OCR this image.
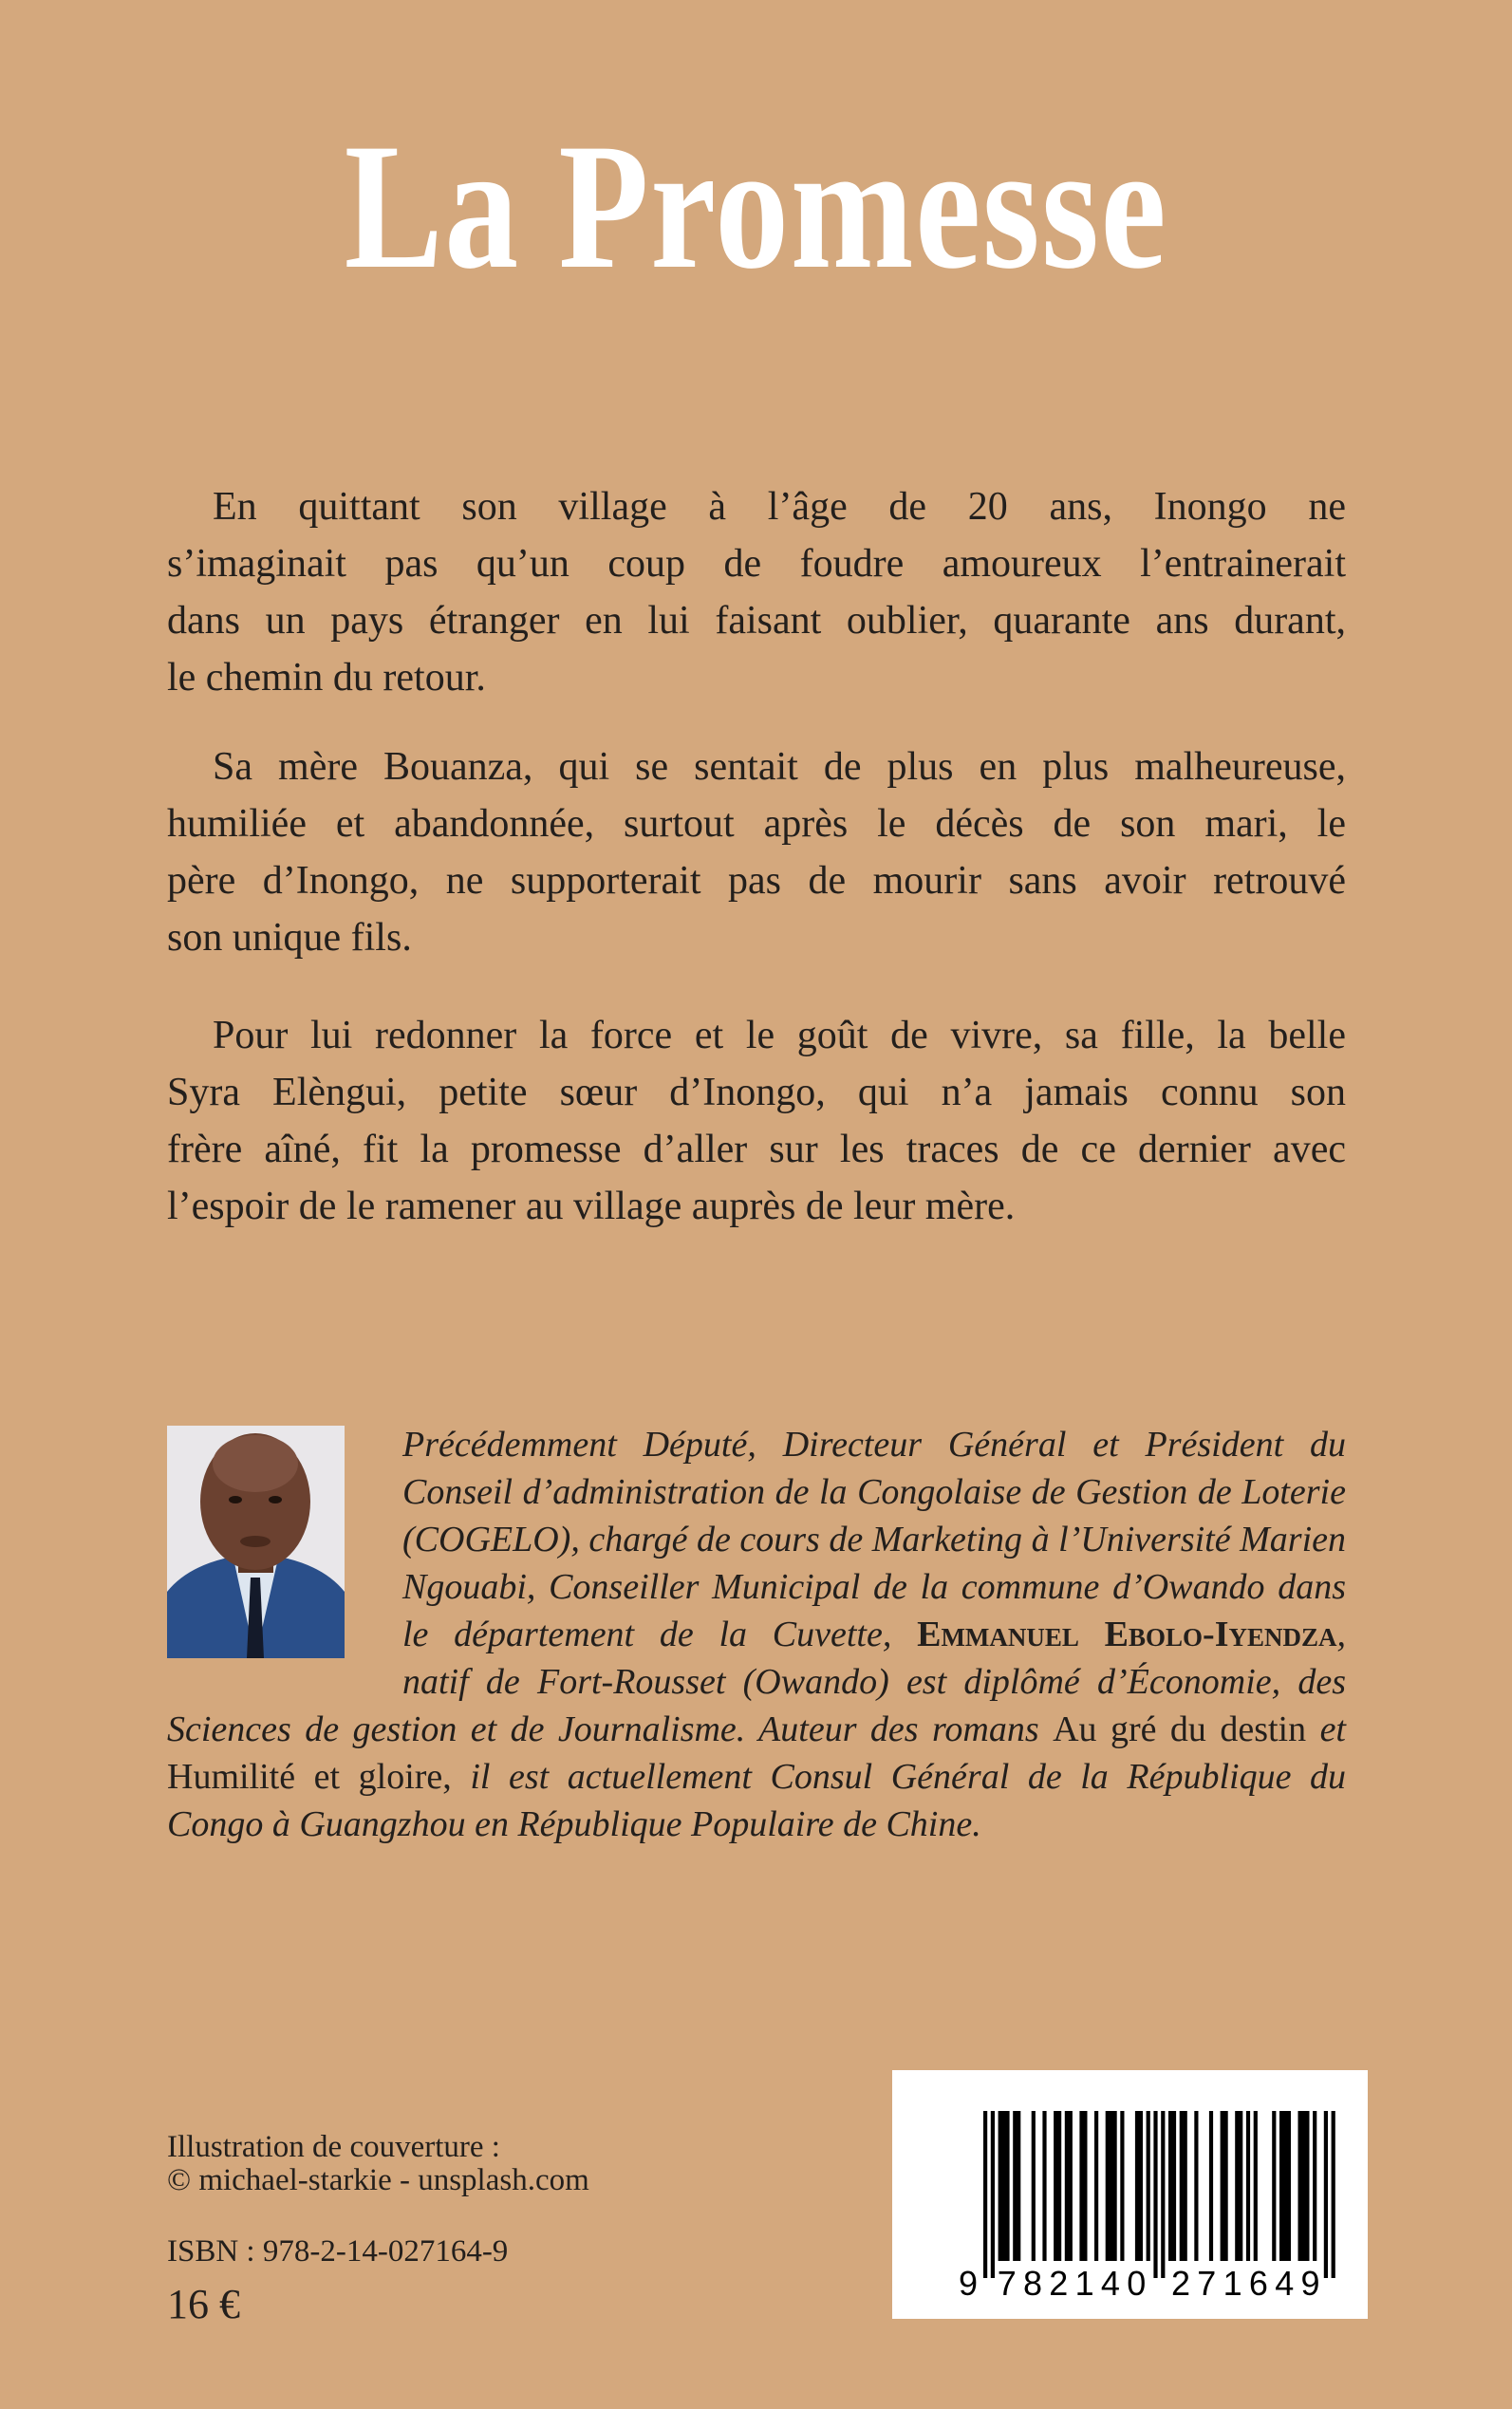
La Promesse
En quittant son village à l’âge de 20 ans, Inongo ne
s’imaginait pas qu’un coup de foudre amoureux l’entrainerait
dans un pays étranger en lui faisant oublier, quarante ans durant,
le chemin du retour.
Sa mère Bouanza, qui se sentait de plus en plus malheureuse,
humiliée et abandonnée, surtout après le décès de son mari, le
père d’Inongo, ne supporterait pas de mourir sans avoir retrouvé
son unique fils.
Pour lui redonner la force et le goût de vivre, sa fille, la belle
Syra Elèngui, petite sœur d’Inongo, qui n’a jamais connu son
frère aîné, fit la promesse d’aller sur les traces de ce dernier avec
l’espoir de le ramener au village auprès de leur mère.
Précédemment Député, Directeur Général et Président du
Conseil d’administration de la Congolaise de Gestion de Loterie
(COGELO), chargé de cours de Marketing à l’Université Marien
Ngouabi, Conseiller Municipal de la commune d’Owando dans
le département de la Cuvette, Emmanuel Ebolo-Iyendza,
natif de Fort-Rousset (Owando) est diplômé d’Économie, des
Sciences de gestion et de Journalisme. Auteur des romans Au gré du destin et
Humilité et gloire, il est actuellement Consul Général de la République du
Congo à Guangzhou en République Populaire de Chine.
Illustration de couverture :
© michael-starkie - unsplash.com
ISBN : 978-2-14-027164-9
16 €	9 7 8 2 1 4 0 2 7 1 6 4 9
